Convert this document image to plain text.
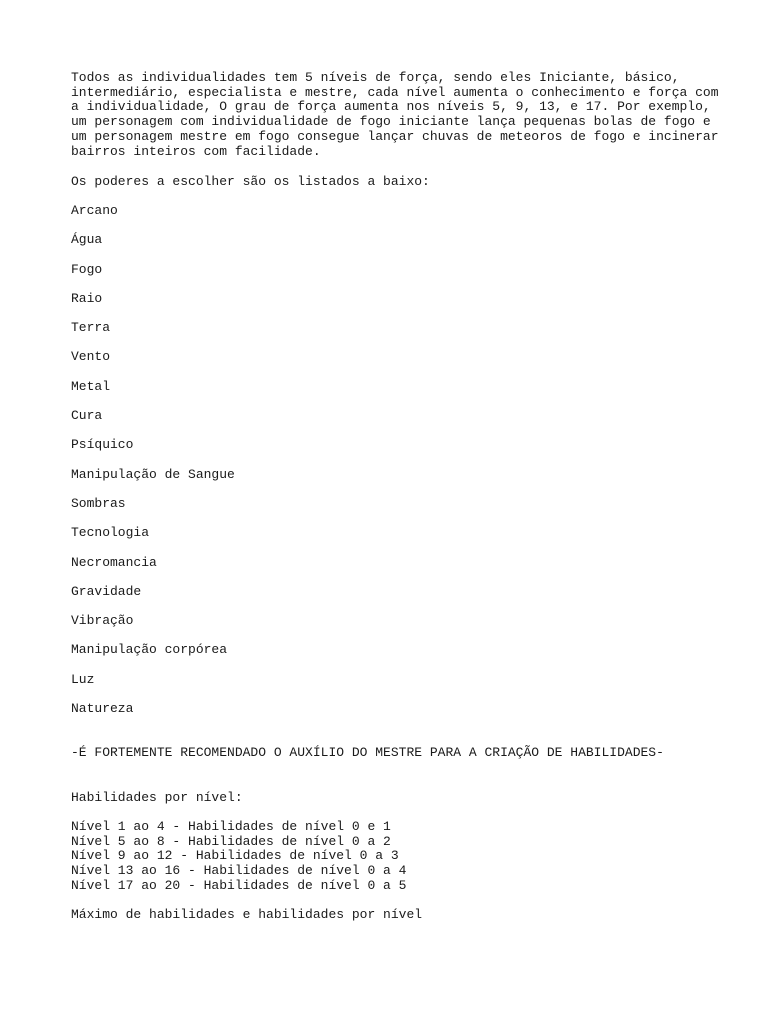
Todos as individualidades tem 5 níveis de força, sendo eles Iniciante, básico,
intermediário, especialista e mestre, cada nível aumenta o conhecimento e força com
a individualidade, O grau de força aumenta nos níveis 5, 9, 13, e 17. Por exemplo,
um personagem com individualidade de fogo iniciante lança pequenas bolas de fogo e
um personagem mestre em fogo consegue lançar chuvas de meteoros de fogo e incinerar
bairros inteiros com facilidade.

Os poderes a escolher são os listados a baixo:

Arcano
Água
Fogo
Raio
Terra
Vento
Metal
Cura
Psíquico
Manipulação de Sangue
Sombras
Tecnologia
Necromancia
Gravidade
Vibração
Manipulação corpórea
Luz
Natureza

-É FORTEMENTE RECOMENDADO O AUXÍLIO DO MESTRE PARA A CRIAÇÃO DE HABILIDADES-

Habilidades por nível:

Nível 1 ao 4 - Habilidades de nível 0 e 1
Nível 5 ao 8 - Habilidades de nível 0 a 2
Nível 9 ao 12 - Habilidades de nível 0 a 3
Nível 13 ao 16 - Habilidades de nível 0 a 4
Nível 17 ao 20 - Habilidades de nível 0 a 5

Máximo de habilidades e habilidades por nível
